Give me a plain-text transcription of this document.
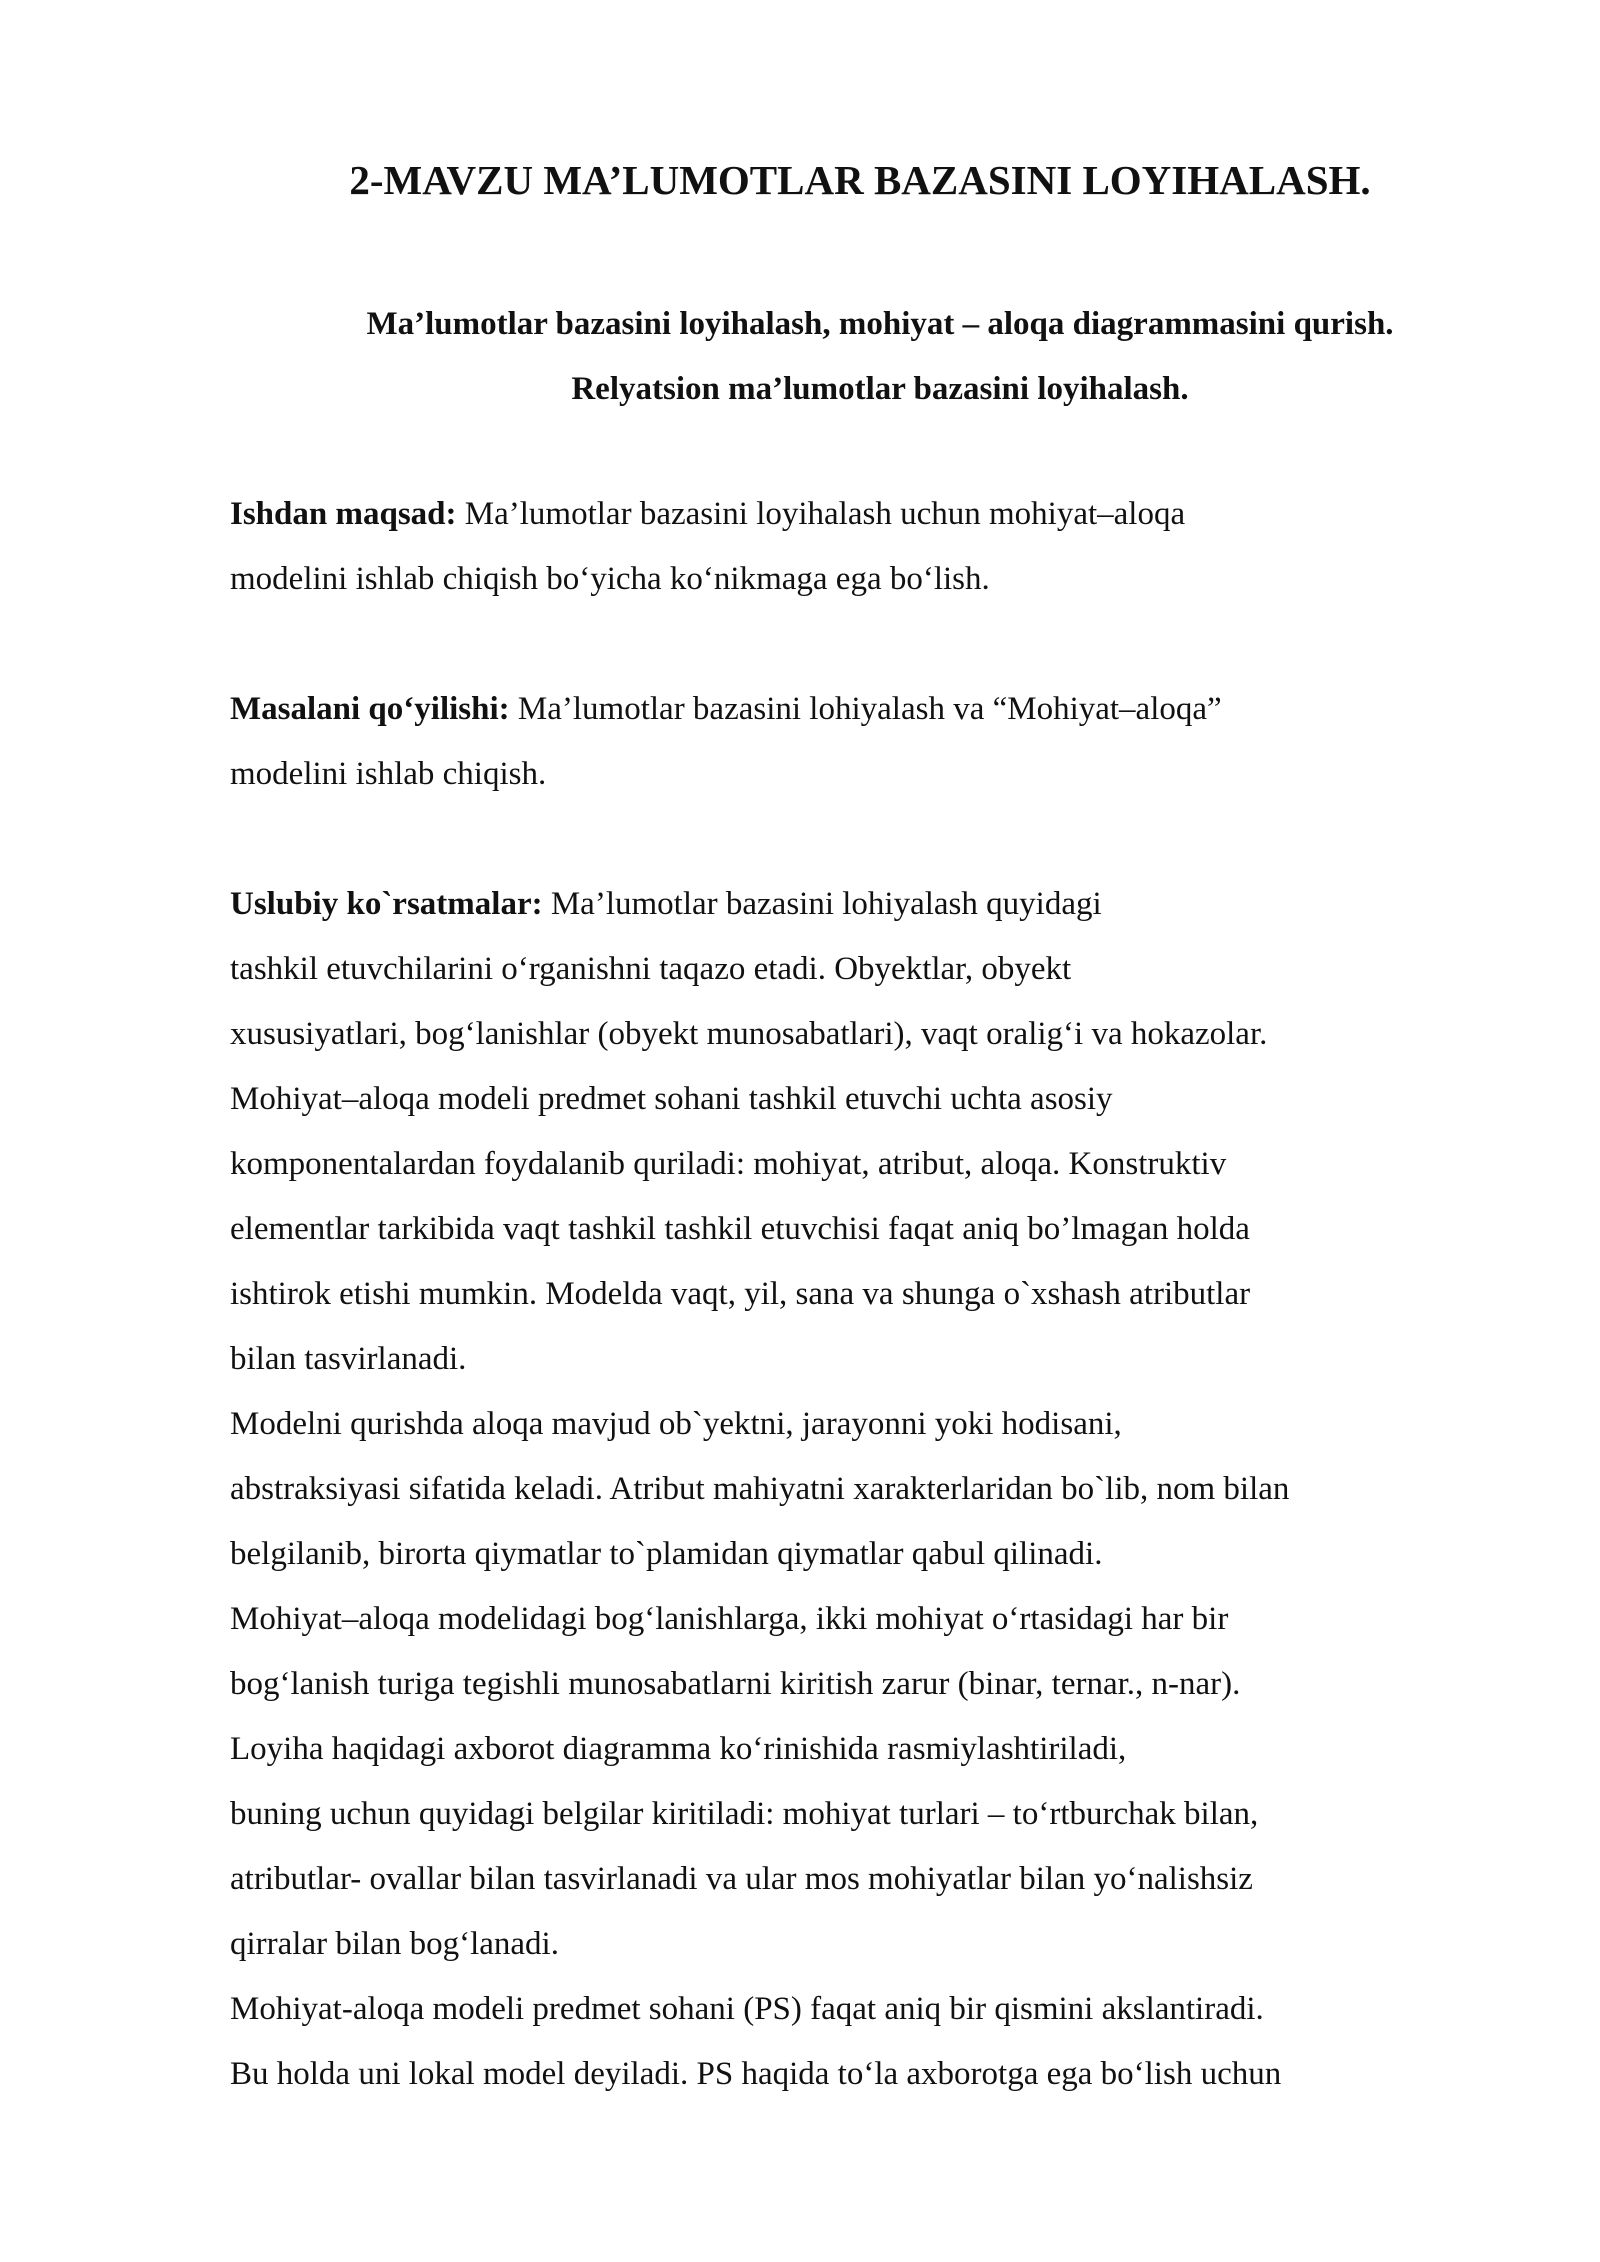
2-MAVZU MA’LUMOTLAR BAZASINI LOYIHALASH.
Ma’lumotlar bazasini loyihalash, mohiyat – aloqa diagrammasini qurish.
Relyatsion ma’lumotlar bazasini loyihalash.

Ishdan maqsad: Ma’lumotlar bazasini loyihalash uchun mohiyat–aloqa
modelini ishlab chiqish bo‘yicha ko‘nikmaga ega bo‘lish.

Masalani qo‘yilishi: Ma’lumotlar bazasini lohiyalash va “Mohiyat–aloqa”
modelini ishlab chiqish.

Uslubiy ko`rsatmalar: Ma’lumotlar bazasini lohiyalash quyidagi
tashkil etuvchilarini o‘rganishni taqazo etadi. Obyektlar, obyekt
xususiyatlari, bog‘lanishlar (obyekt munosabatlari), vaqt oralig‘i va hokazolar.
Mohiyat–aloqa modeli predmet sohani tashkil etuvchi uchta asosiy
komponentalardan foydalanib quriladi: mohiyat, atribut, aloqa. Konstruktiv
elementlar tarkibida vaqt tashkil tashkil etuvchisi faqat aniq bo’lmagan holda
ishtirok etishi mumkin. Modelda vaqt, yil, sana va shunga o`xshash atributlar
bilan tasvirlanadi.
Modelni qurishda aloqa mavjud ob`yektni, jarayonni yoki hodisani,
abstraksiyasi sifatida keladi. Atribut mahiyatni xarakterlaridan bo`lib, nom bilan
belgilanib, birorta qiymatlar to`plamidan qiymatlar qabul qilinadi.
Mohiyat–aloqa modelidagi bog‘lanishlarga, ikki mohiyat o‘rtasidagi har bir
bog‘lanish turiga tegishli munosabatlarni kiritish zarur (binar, ternar., n-nar).
Loyiha haqidagi axborot diagramma ko‘rinishida rasmiylashtiriladi,
buning uchun quyidagi belgilar kiritiladi: mohiyat turlari – to‘rtburchak bilan,
atributlar- ovallar bilan tasvirlanadi va ular mos mohiyatlar bilan yo‘nalishsiz
qirralar bilan bog‘lanadi.
Mohiyat-aloqa modeli predmet sohani (PS) faqat aniq bir qismini akslantiradi.
Bu holda uni lokal model deyiladi. PS haqida to‘la axborotga ega bo‘lish uchun
